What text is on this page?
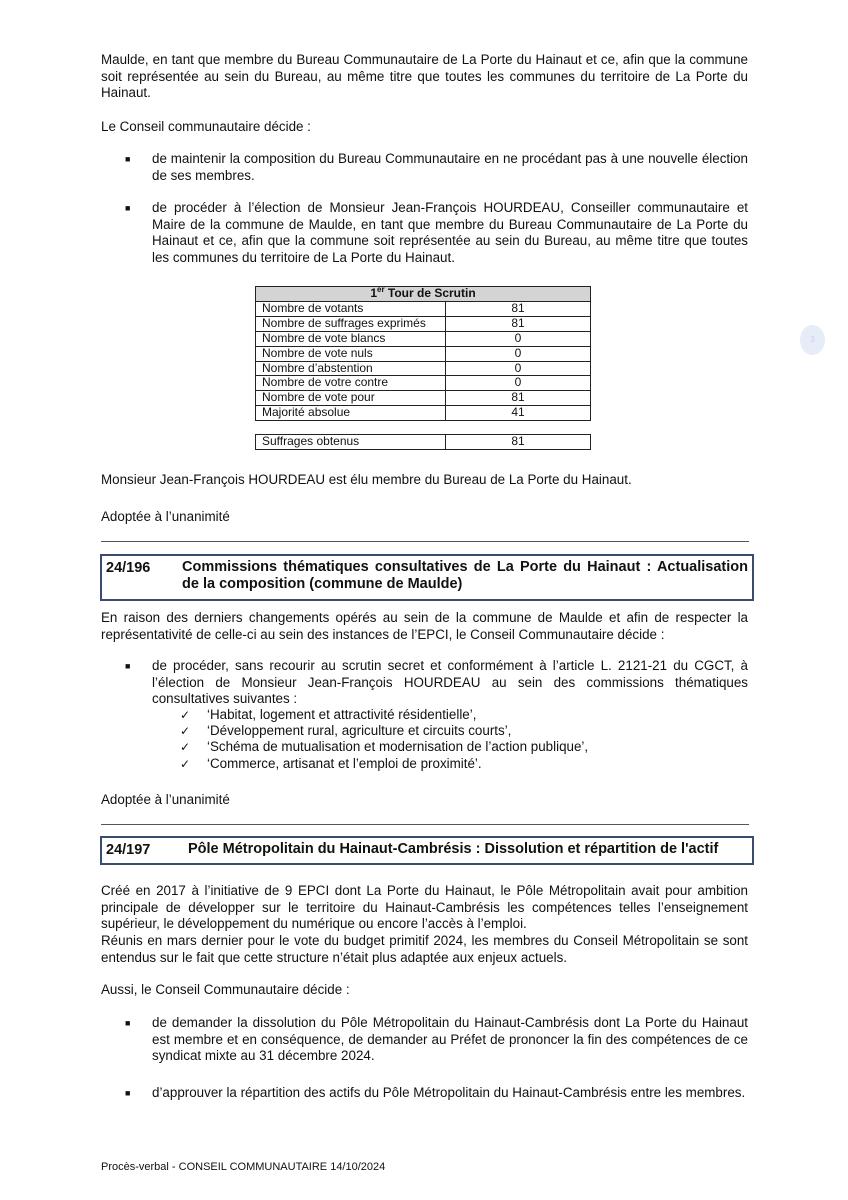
Maulde, en tant que membre du Bureau Communautaire de La Porte du Hainaut et ce, afin que la commune soit représentée au sein du Bureau, au même titre que toutes les communes du territoire de La Porte du Hainaut.

Le Conseil communautaire décide :

■ de maintenir la composition du Bureau Communautaire en ne procédant pas à une nouvelle élection de ses membres.

■ de procéder à l’élection de Monsieur Jean-François HOURDEAU, Conseiller communautaire et Maire de la commune de Maulde, en tant que membre du Bureau Communautaire de La Porte du Hainaut et ce, afin que la commune soit représentée au sein du Bureau, au même titre que toutes les communes du territoire de La Porte du Hainaut.

1er Tour de Scrutin	
Nombre de votants	81
Nombre de suffrages exprimés	81
Nombre de vote blancs	0
Nombre de vote nuls	0
Nombre d’abstention	0
Nombre de votre contre	0
Nombre de vote pour	81
Majorité absolue	41

Suffrages obtenus	81
3

Monsieur Jean-François HOURDEAU est élu membre du Bureau de La Porte du Hainaut.

Adoptée à l’unanimité

24/196 Commissions thématiques consultatives de La Porte du Hainaut : Actualisation de la composition (commune de Maulde)

En raison des derniers changements opérés au sein de la commune de Maulde et afin de respecter la représentativité de celle-ci au sein des instances de l’EPCI, le Conseil Communautaire décide :

■ de procéder, sans recourir au scrutin secret et conformément à l’article L. 2121-21 du CGCT, à l’élection de Monsieur Jean-François HOURDEAU au sein des commissions thématiques consultatives suivantes :

✓ ‘Habitat, logement et attractivité résidentielle’,
✓ ‘Développement rural, agriculture et circuits courts’,
✓ ‘Schéma de mutualisation et modernisation de l’action publique’,
✓ ‘Commerce, artisanat et l’emploi de proximité’.

Adoptée à l’unanimité

24/197	Pôle Métropolitain du Hainaut-Cambrésis : Dissolution et répartition de l'actif

Créé en 2017 à l’initiative de 9 EPCI dont La Porte du Hainaut, le Pôle Métropolitain avait pour ambition principale de développer sur le territoire du Hainaut-Cambrésis les compétences telles l’enseignement supérieur, le développement du numérique ou encore l’accès à l’emploi.

Réunis en mars dernier pour le vote du budget primitif 2024, les membres du Conseil Métropolitain se sont entendus sur le fait que cette structure n’était plus adaptée aux enjeux actuels.

Aussi, le Conseil Communautaire décide :

■ de demander la dissolution du Pôle Métropolitain du Hainaut-Cambrésis dont La Porte du Hainaut est membre et en conséquence, de demander au Préfet de prononcer la fin des compétences de ce syndicat mixte au 31 décembre 2024.

■ d’approuver la répartition des actifs du Pôle Métropolitain du Hainaut-Cambrésis entre les membres.

Procès-verbal - CONSEIL COMMUNAUTAIRE 14/10/2024
